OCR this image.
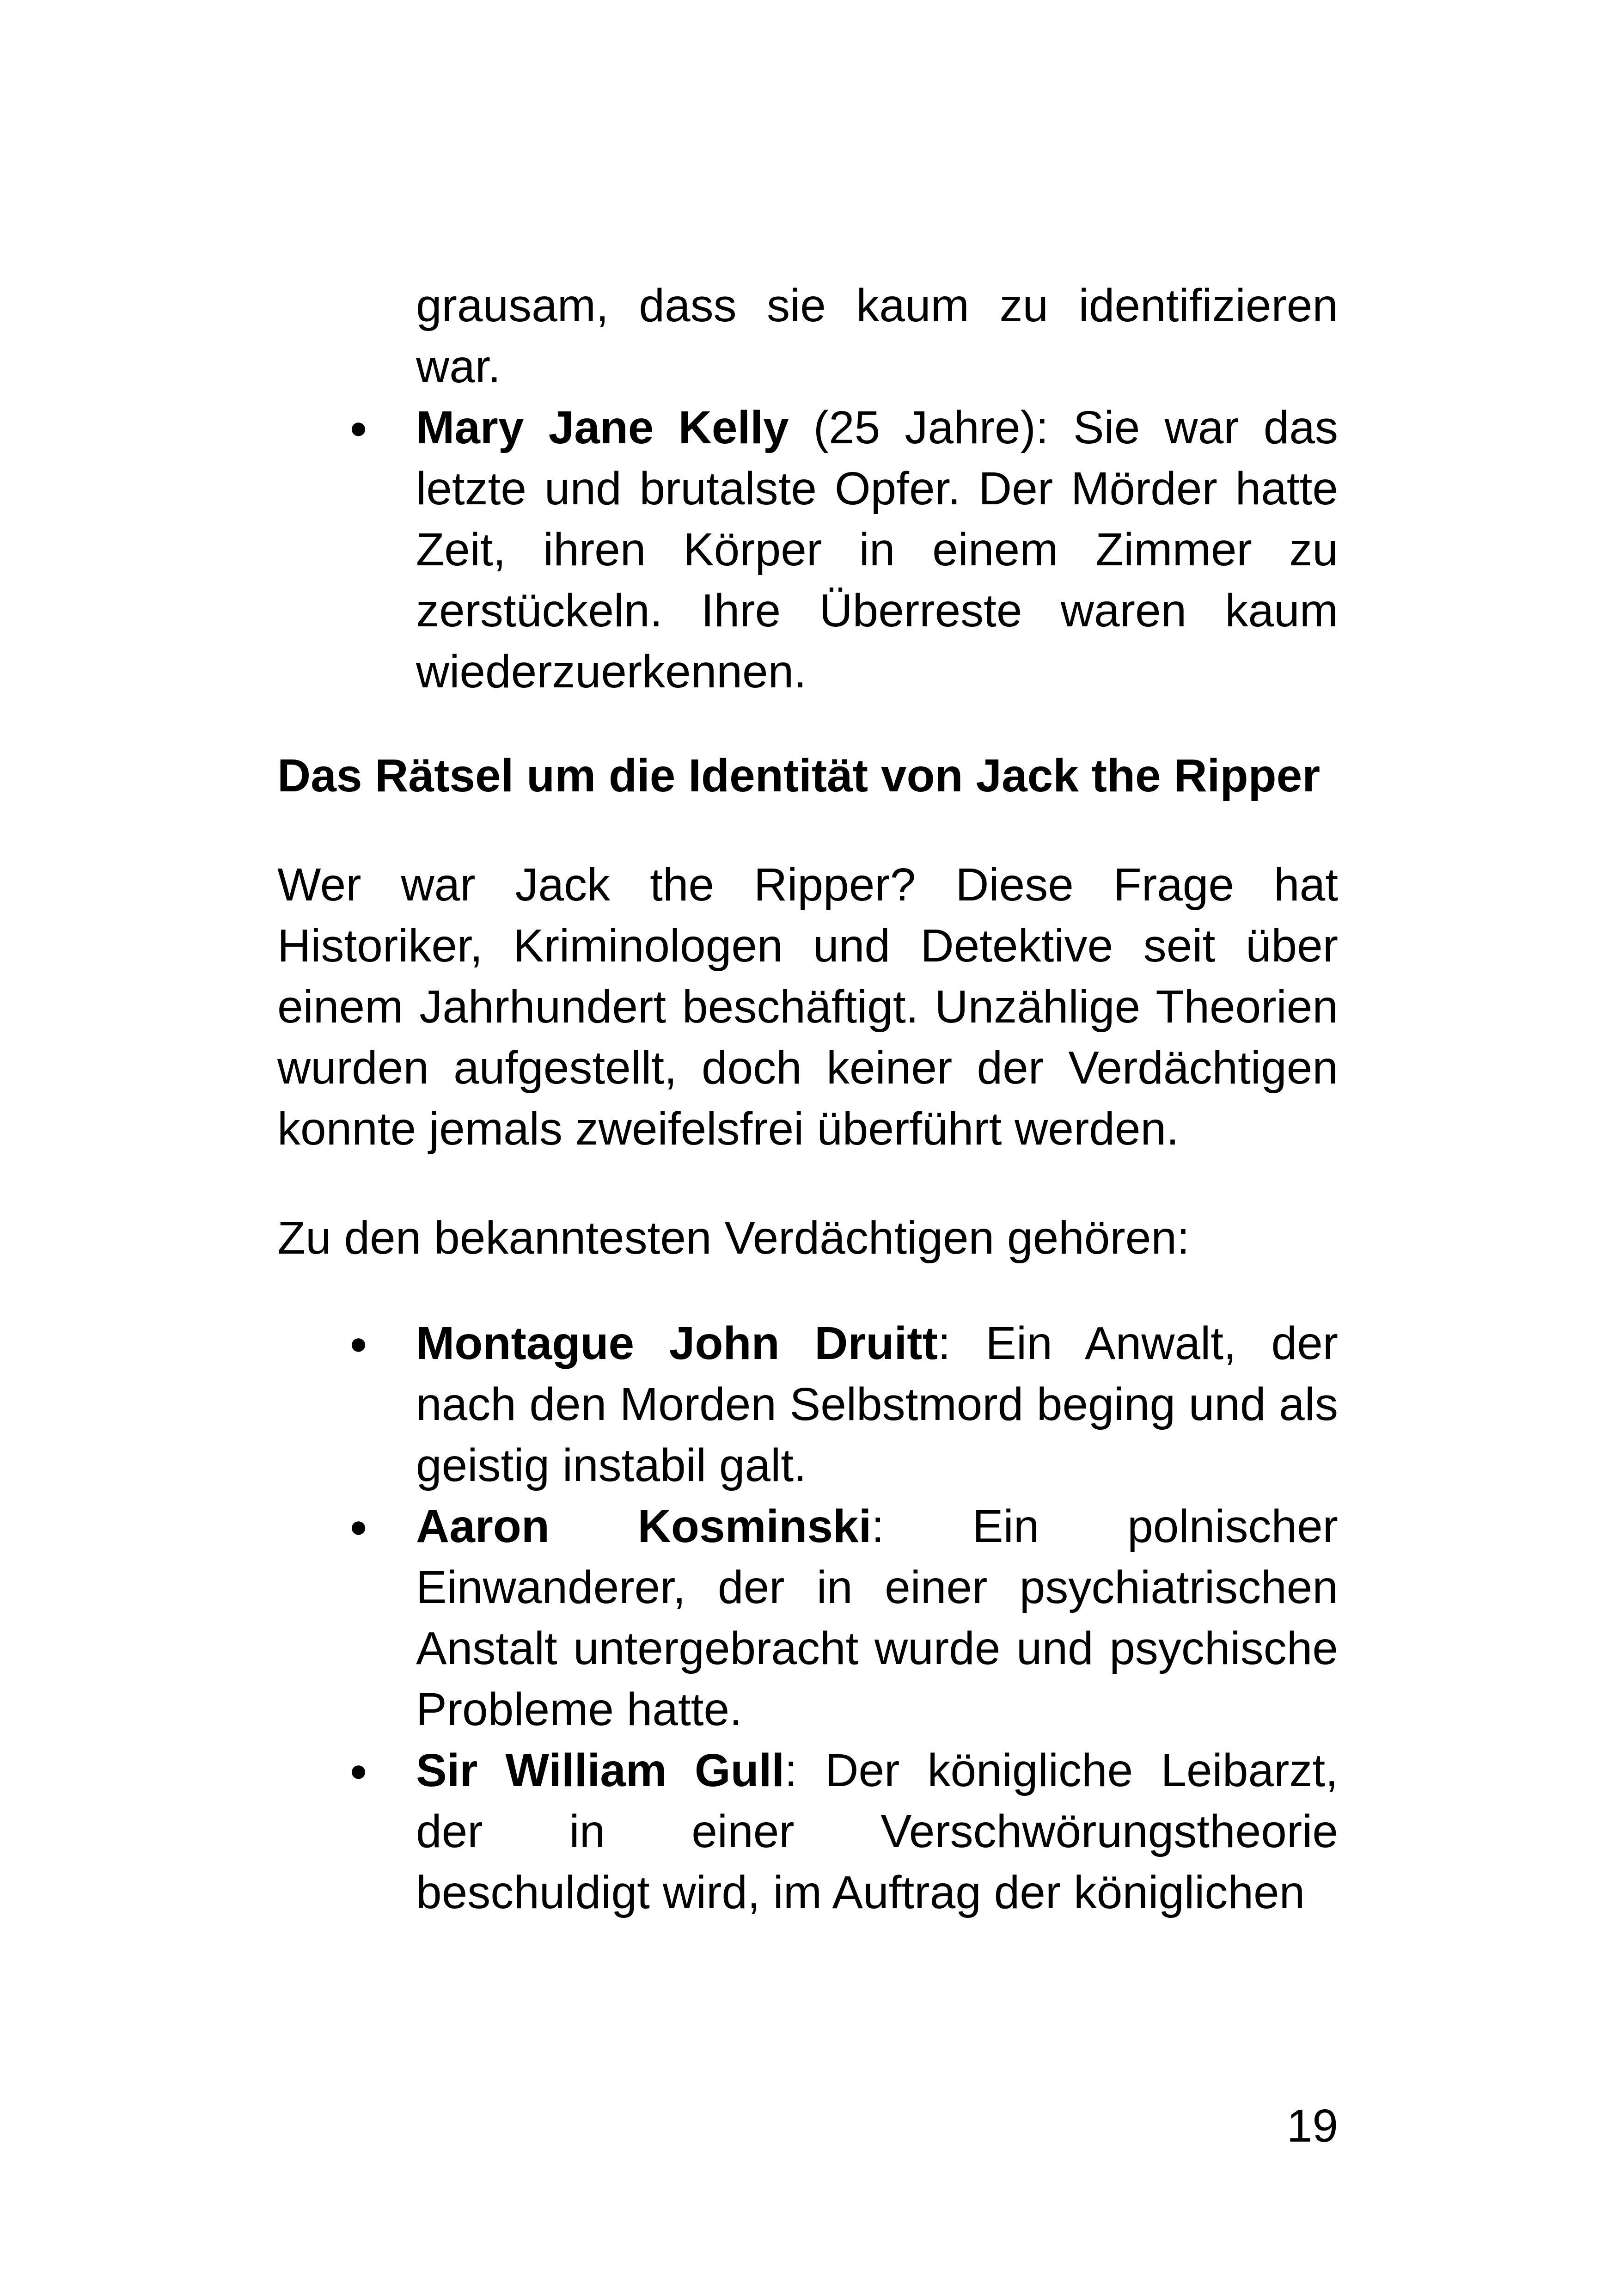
grausam, dass sie kaum zu identifizieren war.
● Mary Jane Kelly (25 Jahre): Sie war das letzte und brutalste Opfer. Der Mörder hatte Zeit, ihren Körper in einem Zimmer zu zerstückeln. Ihre Überreste waren kaum wiederzuerkennen.
Das Rätsel um die Identität von Jack the Ripper
Wer war Jack the Ripper? Diese Frage hat Historiker, Kriminologen und Detektive seit über einem Jahrhundert beschäftigt. Unzählige Theorien wurden aufgestellt, doch keiner der Verdächtigen konnte jemals zweifelsfrei überführt werden.
Zu den bekanntesten Verdächtigen gehören:
● Montague John Druitt: Ein Anwalt, der nach den Morden Selbstmord beging und als geistig instabil galt.
● Aaron Kosminski: Ein polnischer Einwanderer, der in einer psychiatrischen Anstalt untergebracht wurde und psychische Probleme hatte.
● Sir William Gull: Der königliche Leibarzt, der in einer Verschwörungstheorie beschuldigt wird, im Auftrag der königlichen
19
